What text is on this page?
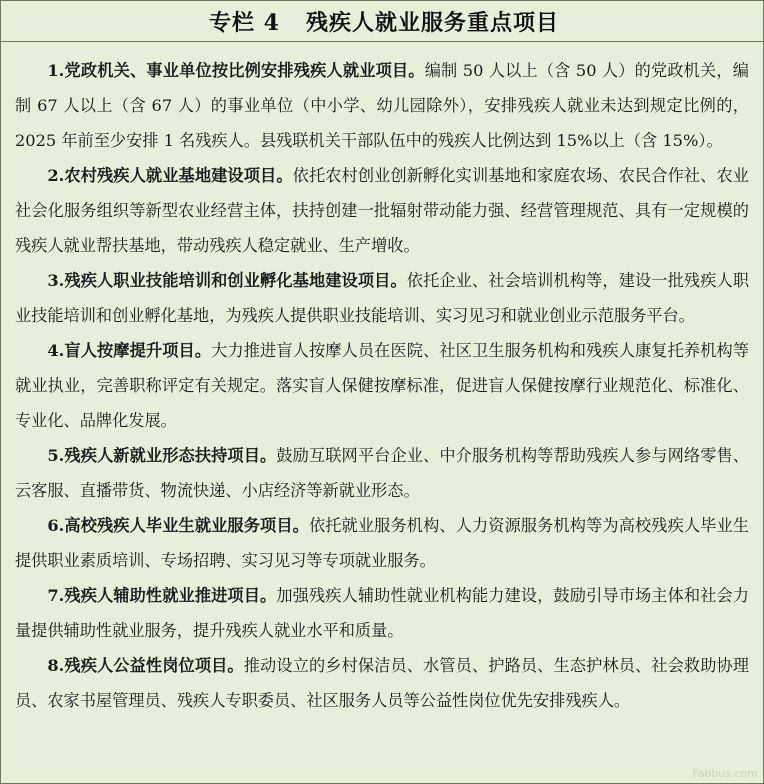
专栏 4 残疾人就业服务重点项目

1.党政机关、事业单位按比例安排残疾人就业项目。编制 50 人以上（含 50 人）的党政机关，编制 67 人以上（含 67 人）的事业单位（中小学、幼儿园除外），安排残疾人就业未达到规定比例的，2025 年前至少安排 1 名残疾人。县残联机关干部队伍中的残疾人比例达到 15%以上（含 15%）。

2.农村残疾人就业基地建设项目。依托农村创业创新孵化实训基地和家庭农场、农民合作社、农业社会化服务组织等新型农业经营主体，扶持创建一批辐射带动能力强、经营管理规范、具有一定规模的残疾人就业帮扶基地，带动残疾人稳定就业、生产增收。

3.残疾人职业技能培训和创业孵化基地建设项目。依托企业、社会培训机构等，建设一批残疾人职业技能培训和创业孵化基地，为残疾人提供职业技能培训、实习见习和就业创业示范服务平台。

4.盲人按摩提升项目。大力推进盲人按摩人员在医院、社区卫生服务机构和残疾人康复托养机构等就业执业，完善职称评定有关规定。落实盲人保健按摩标准，促进盲人保健按摩行业规范化、标准化、专业化、品牌化发展。

5.残疾人新就业形态扶持项目。鼓励互联网平台企业、中介服务机构等帮助残疾人参与网络零售、云客服、直播带货、物流快递、小店经济等新就业形态。

6.高校残疾人毕业生就业服务项目。依托就业服务机构、人力资源服务机构等为高校残疾人毕业生提供职业素质培训、专场招聘、实习见习等专项就业服务。

7.残疾人辅助性就业推进项目。加强残疾人辅助性就业机构能力建设，鼓励引导市场主体和社会力量提供辅助性就业服务，提升残疾人就业水平和质量。

8.残疾人公益性岗位项目。推动设立的乡村保洁员、水管员、护路员、生态护林员、社会救助协理员、农家书屋管理员、残疾人专职委员、社区服务人员等公益性岗位优先安排残疾人。

Fabbus.com
